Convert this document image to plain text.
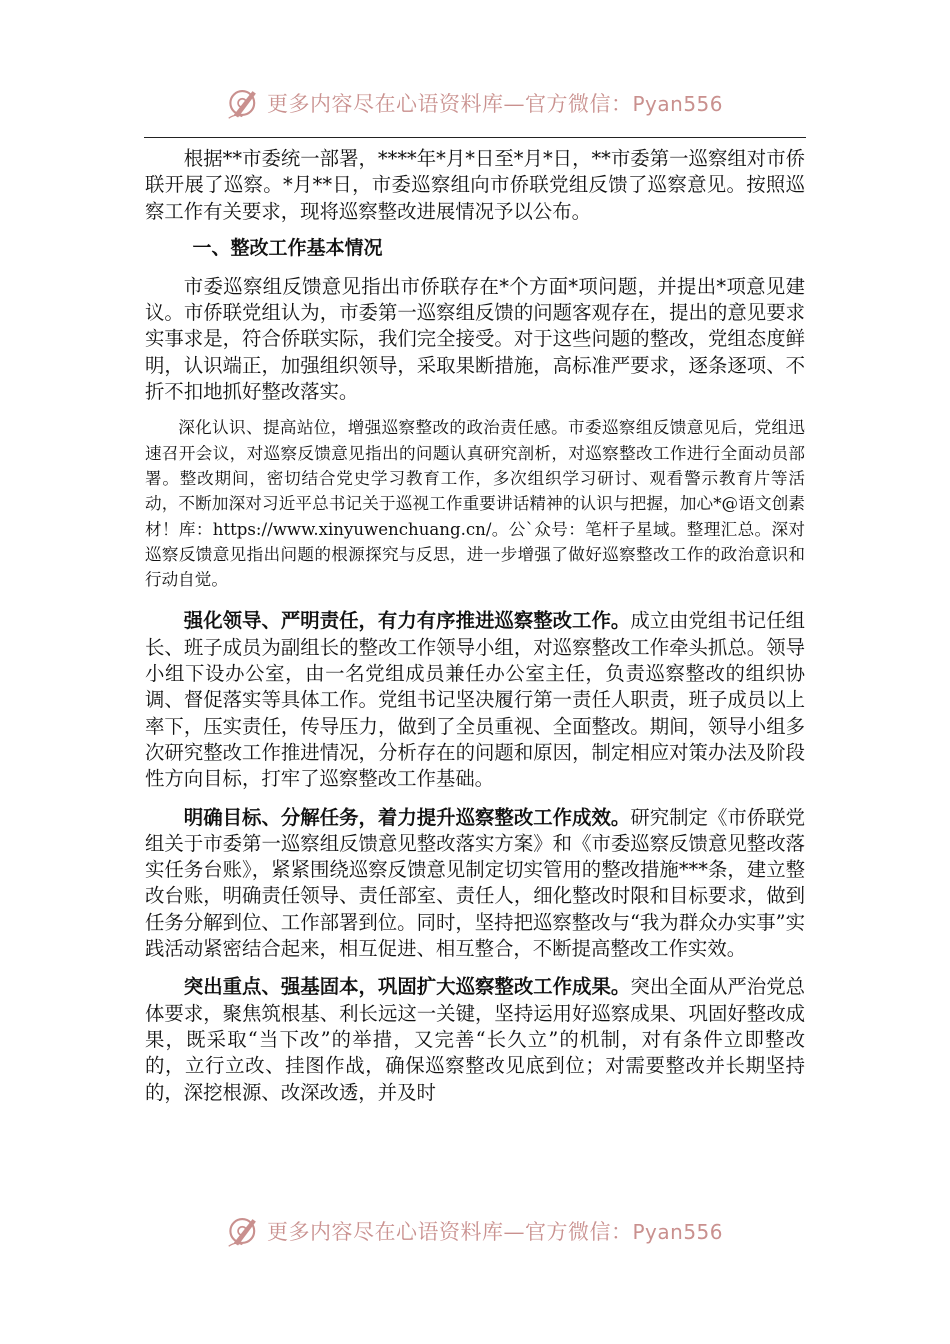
更多内容尽在心语资料库—官方微信：Pyan556

根据**市委统一部署，****年*月*日至*月*日，**市委第一巡察组对市侨联开展了巡察。*月**日，市委巡察组向市侨联党组反馈了巡察意见。按照巡察工作有关要求，现将巡察整改进展情况予以公布。

一、整改工作基本情况

市委巡察组反馈意见指出市侨联存在*个方面*项问题，并提出*项意见建议。市侨联党组认为，市委第一巡察组反馈的问题客观存在，提出的意见要求实事求是，符合侨联实际，我们完全接受。对于这些问题的整改，党组态度鲜明，认识端正，加强组织领导，采取果断措施，高标准严要求，逐条逐项、不折不扣地抓好整改落实。

深化认识、提高站位，增强巡察整改的政治责任感。市委巡察组反馈意见后，党组迅速召开会议，对巡察反馈意见指出的问题认真研究剖析，对巡察整改工作进行全面动员部署。整改期间，密切结合党史学习教育工作，多次组织学习研讨、观看警示教育片等活动，不断加深对习近平总书记关于巡视工作重要讲话精神的认识与把握，加心*@语文创素材！库：https://www.xinyuwenchuang.cn/。公`众号：笔杆子星域。整理汇总。深对巡察反馈意见指出问题的根源探究与反思，进一步增强了做好巡察整改工作的政治意识和行动自觉。

强化领导、严明责任，有力有序推进巡察整改工作。成立由党组书记任组长、班子成员为副组长的整改工作领导小组，对巡察整改工作牵头抓总。领导小组下设办公室，由一名党组成员兼任办公室主任，负责巡察整改的组织协调、督促落实等具体工作。党组书记坚决履行第一责任人职责，班子成员以上率下，压实责任，传导压力，做到了全员重视、全面整改。期间，领导小组多次研究整改工作推进情况，分析存在的问题和原因，制定相应对策办法及阶段性方向目标，打牢了巡察整改工作基础。

明确目标、分解任务，着力提升巡察整改工作成效。研究制定《市侨联党组关于市委第一巡察组反馈意见整改落实方案》和《市委巡察反馈意见整改落实任务台账》，紧紧围绕巡察反馈意见制定切实管用的整改措施***条，建立整改台账，明确责任领导、责任部室、责任人，细化整改时限和目标要求，做到任务分解到位、工作部署到位。同时，坚持把巡察整改与“我为群众办实事”实践活动紧密结合起来，相互促进、相互整合，不断提高整改工作实效。

突出重点、强基固本，巩固扩大巡察整改工作成果。突出全面从严治党总体要求，聚焦筑根基、利长远这一关键，坚持运用好巡察成果、巩固好整改成果，既采取“当下改”的举措，又完善“长久立”的机制，对有条件立即整改的，立行立改、挂图作战，确保巡察整改见底到位；对需要整改并长期坚持的，深挖根源、改深改透，并及时

更多内容尽在心语资料库—官方微信：Pyan556
